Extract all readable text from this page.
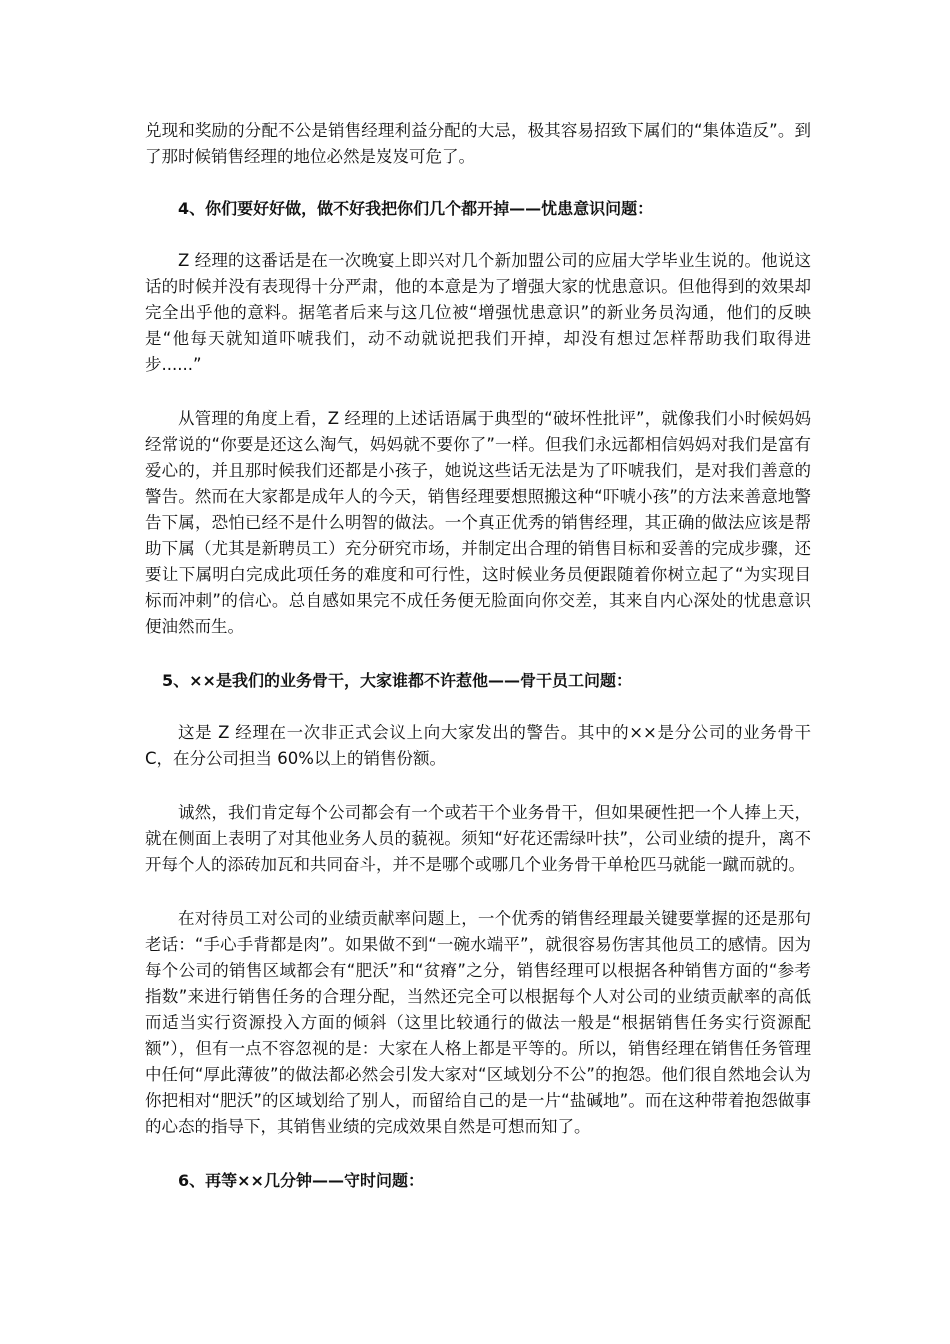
兑现和奖励的分配不公是销售经理利益分配的大忌，极其容易招致下属们的“集体造反”。到了那时候销售经理的地位必然是岌岌可危了。

4、你们要好好做，做不好我把你们几个都开掉——忧患意识问题：

Z 经理的这番话是在一次晚宴上即兴对几个新加盟公司的应届大学毕业生说的。他说这话的时候并没有表现得十分严肃，他的本意是为了增强大家的忧患意识。但他得到的效果却完全出乎他的意料。据笔者后来与这几位被“增强忧患意识”的新业务员沟通，他们的反映是“他每天就知道吓唬我们，动不动就说把我们开掉，却没有想过怎样帮助我们取得进步......”

从管理的角度上看，Z 经理的上述话语属于典型的“破坏性批评”，就像我们小时候妈妈经常说的“你要是还这么淘气，妈妈就不要你了”一样。但我们永远都相信妈妈对我们是富有爱心的，并且那时候我们还都是小孩子，她说这些话无法是为了吓唬我们，是对我们善意的警告。然而在大家都是成年人的今天，销售经理要想照搬这种“吓唬小孩”的方法来善意地警告下属，恐怕已经不是什么明智的做法。一个真正优秀的销售经理，其正确的做法应该是帮助下属（尤其是新聘员工）充分研究市场，并制定出合理的销售目标和妥善的完成步骤，还要让下属明白完成此项任务的难度和可行性，这时候业务员便跟随着你树立起了“为实现目标而冲刺”的信心。总自感如果完不成任务便无脸面向你交差，其来自内心深处的忧患意识便油然而生。

5、××是我们的业务骨干，大家谁都不许惹他——骨干员工问题：

这是 Z 经理在一次非正式会议上向大家发出的警告。其中的××是分公司的业务骨干 C，在分公司担当 60%以上的销售份额。

诚然，我们肯定每个公司都会有一个或若干个业务骨干，但如果硬性把一个人捧上天，就在侧面上表明了对其他业务人员的藐视。须知“好花还需绿叶扶”，公司业绩的提升，离不开每个人的添砖加瓦和共同奋斗，并不是哪个或哪几个业务骨干单枪匹马就能一蹴而就的。

在对待员工对公司的业绩贡献率问题上，一个优秀的销售经理最关键要掌握的还是那句老话：“手心手背都是肉”。如果做不到“一碗水端平”，就很容易伤害其他员工的感情。因为每个公司的销售区域都会有“肥沃”和“贫瘠”之分，销售经理可以根据各种销售方面的“参考指数”来进行销售任务的合理分配，当然还完全可以根据每个人对公司的业绩贡献率的高低而适当实行资源投入方面的倾斜（这里比较通行的做法一般是“根据销售任务实行资源配额”），但有一点不容忽视的是：大家在人格上都是平等的。所以，销售经理在销售任务管理中任何“厚此薄彼”的做法都必然会引发大家对“区域划分不公”的抱怨。他们很自然地会认为你把相对“肥沃”的区域划给了别人，而留给自己的是一片“盐碱地”。而在这种带着抱怨做事的心态的指导下，其销售业绩的完成效果自然是可想而知了。

6、再等××几分钟——守时问题：
